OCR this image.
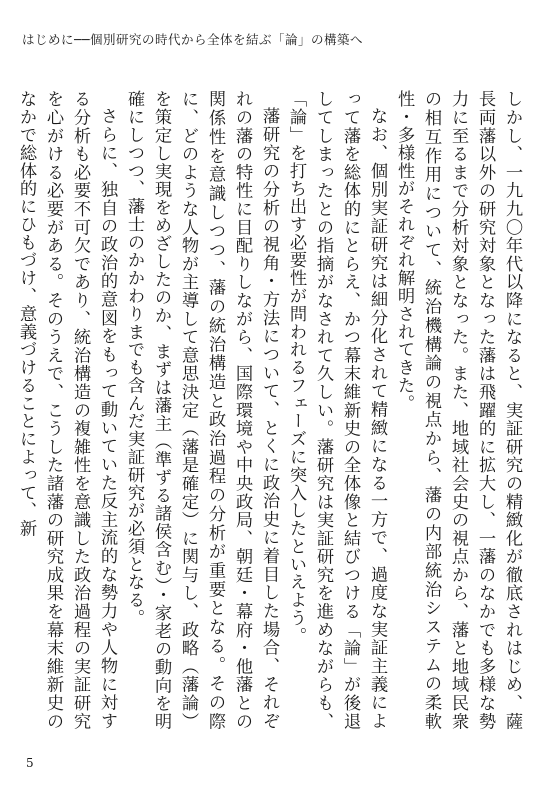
はじめに──個別研究の時代から全体を結ぶ「論」の構築へ

しかし、一九九〇年代以降になると、実証研究の精緻化が徹底されはじめ、薩長両藩以外の研究対象となった藩は飛躍的に拡大し、一藩のなかでも多様な勢力に至るまで分析対象となった。また、地域社会史の視点から、藩と地域民衆の相互作用について、統治機構論の視点から、藩の内部統治システムの柔軟性・多様性がそれぞれ解明されてきた。

なお、個別実証研究は細分化されて精緻になる一方で、過度な実証主義によって藩を総体的にとらえ、かつ幕末維新史の全体像と結びつける「論」が後退してしまったとの指摘がなされて久しい。藩研究は実証研究を進めながらも、「論」を打ち出す必要性が問われるフェーズに突入したといえよう。

藩研究の分析の視角・方法について、とくに政治史に着目した場合、それぞれの藩の特性に目配りしながら、国際環境や中央政局、朝廷・幕府・他藩との関係性を意識しつつ、藩の統治構造と政治過程の分析が重要となる。その際に、どのような人物が主導して意思決定（藩是確定）に関与し、政略（藩論）を策定し実現をめざしたのか、まずは藩主（準ずる諸侯含む）・家老の動向を明確にしつつ、藩士のかかわりまでも含んだ実証研究が必須となる。

さらに、独自の政治的意図をもって動いていた反主流的な勢力や人物に対する分析も必要不可欠であり、統治構造の複雑性を意識した政治過程の実証研究を心がける必要がある。そのうえで、こうした諸藩の研究成果を幕末維新史のなかで総体的にひもづけ、意義づけることによって、新

5
